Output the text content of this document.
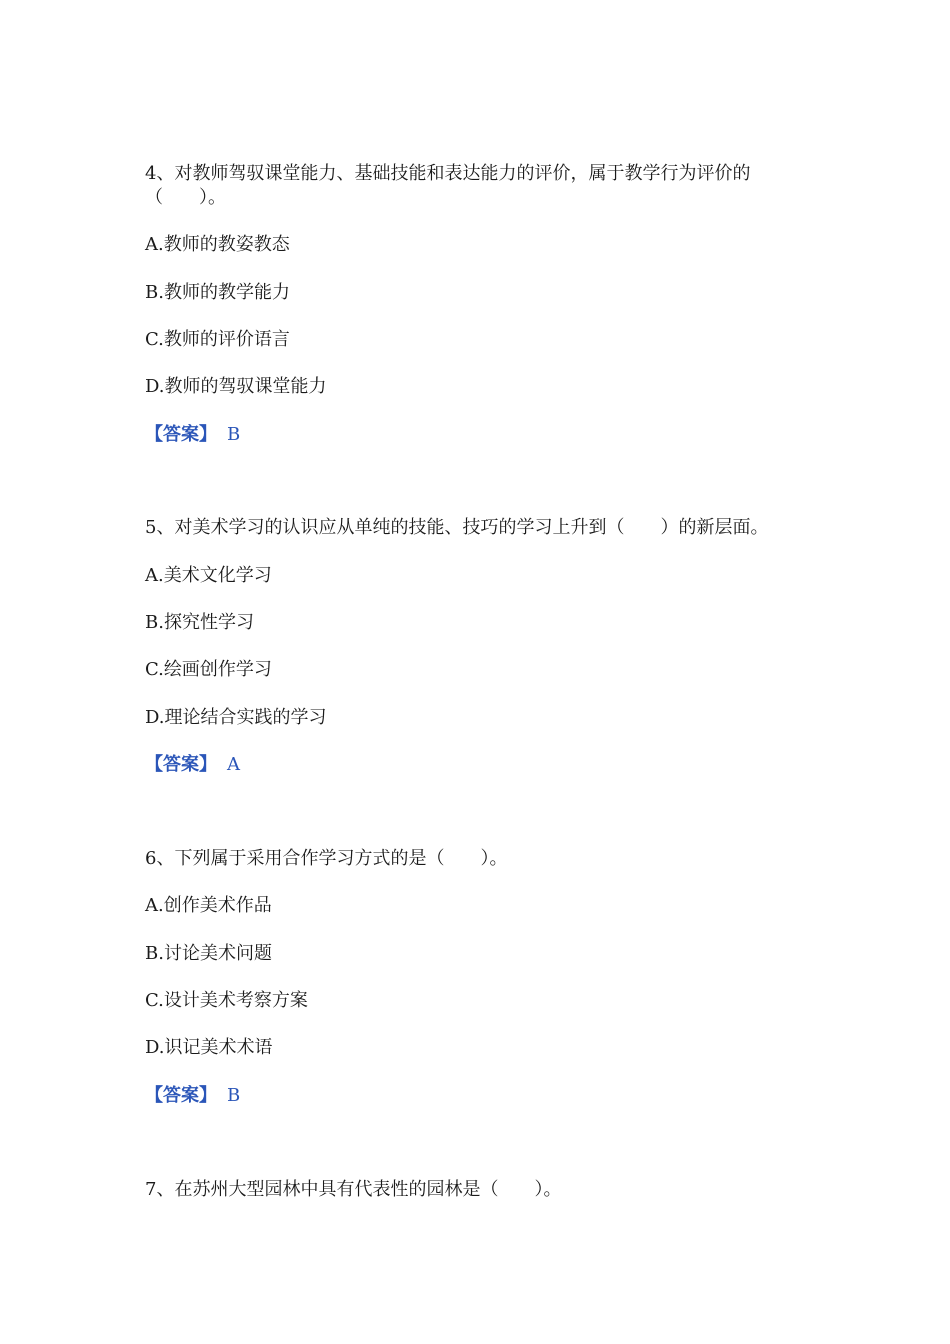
4、对教师驾驭课堂能力、基础技能和表达能力的评价，属于教学行为评价的
（　　）。
A.教师的教姿教态
B.教师的教学能力
C.教师的评价语言
D.教师的驾驭课堂能力
【答案】 B
5、对美术学习的认识应从单纯的技能、技巧的学习上升到（　　）的新层面。
A.美术文化学习
B.探究性学习
C.绘画创作学习
D.理论结合实践的学习
【答案】 A
6、下列属于采用合作学习方式的是（　　）。
A.创作美术作品
B.讨论美术问题
C.设计美术考察方案
D.识记美术术语
【答案】 B
7、在苏州大型园林中具有代表性的园林是（　　）。
